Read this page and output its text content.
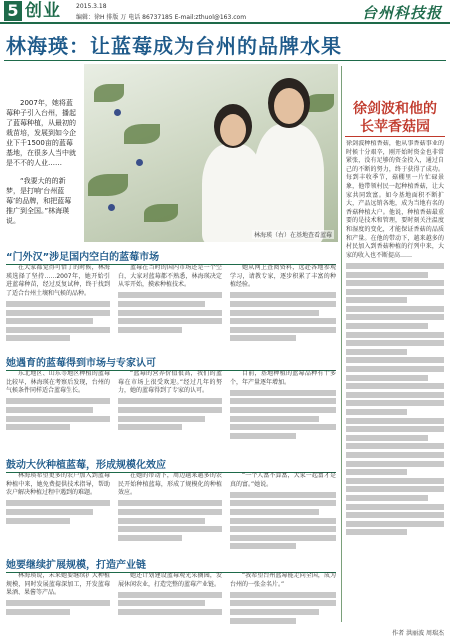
5 创业	2015.3.18
编辑：徐H 排版 万 电话 86737185 E-mail:zthuol@163.com	台州科技报
林海瑛：让蓝莓成为台州的品牌水果

2007年，她将蓝莓种子引入台州，播起了蓝莓种植，从最初的栽苗培，发展到如今企业下千1500亩的蓝莓基地，在很多人当中就是不不的人业……

“我要大的的新梦，是打响‘台州蓝莓’的品牌，和把蓝莓推广到全国。”林海瑛说。

林海瑛（右）在基地查看蓝莓
徐剑波和他的
长苹香菇园
徐剑波种植香菇，他从事香菇事业的时候十分艰辛，刚开始时资金也非常紧张，没有足够的资金投入，通过自己的不断的努力，终于获得了成功。每到丰收季节，菇棚里一片忙碌景象，他带领村民一起种植香菇，让大家共同致富。如今基地面积不断扩大，产品远销各地，成为当地有名的香菇种植大户。他说，种植香菇最重要的是技术和管理，要时刻关注温度和湿度的变化，才能保证香菇的品质和产量。在他的带动下，越来越多的村民加入到香菇种植的行列中来，大家的收入也不断提高……
作者 洪丽波 周瑞杰
“门外汉”涉足国内空白的蓝莓市场

在大家都觉得可惜了的时候，林海瑛选择了坚持……2007年，她开始引进蓝莓种苗，经过反复试种，终于找到了适合台州土壤和气候的品种。

蓝莓在当时的国内市场还是一个空白，大家对蓝莓都不熟悉，林海瑛决定从零开始，摸索种植技术。

她从网上查阅资料，远赴各地参观学习，请教专家，逐步积累了丰富的种植经验。

她遇育的蓝莓得到市场与专家认可

东北地区、山东等地区种植的蓝莓比较早，林海瑛在考察后发现，台州的气候条件同样适合蓝莓生长。

“蓝莓的营养价值很高，我们的蓝莓在市场上很受欢迎。”经过几年的努力，她的蓝莓得到了专家的认可。

目前，基地种植的蓝莓品种有十多个，年产量逐年增加。

鼓动大伙种植蓝莓，形成规模化效应

林海瑛希望更多的农户加入到蓝莓种植中来，她免费提供技术指导，帮助农户解决种植过程中遇到的难题。

在她的带动下，周边越来越多的农民开始种植蓝莓，形成了规模化的种植效应。

“一个人富不算富，大家一起富才是真的富。”她说。

她要继续扩展规模，打造产业链

林海瑛说，未来她要继续扩大种植规模，同时发展蓝莓深加工，开发蓝莓果酒、果酱等产品。

她还计划建设蓝莓观光采摘园，发展休闲农业，打造完整的蓝莓产业链。

“我希望台州蓝莓能走向全国，成为台州的一张金名片。”
